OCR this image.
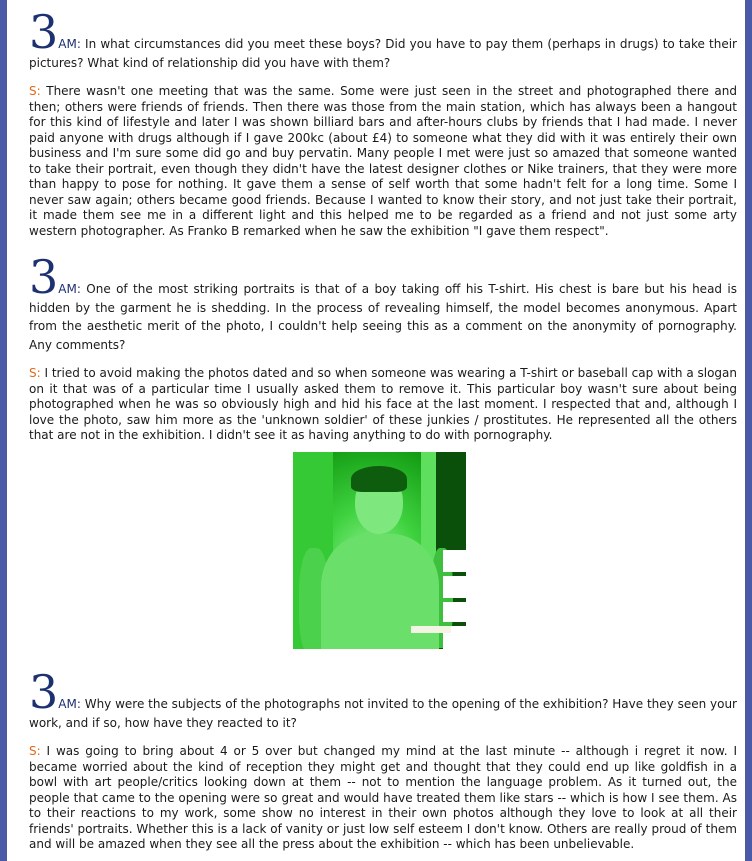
3AM: In what circumstances did you meet these boys? Did you have to pay them (perhaps in drugs) to take their pictures? What kind of relationship did you have with them?

S: There wasn't one meeting that was the same. Some were just seen in the street and photographed there and then; others were friends of friends. Then there was those from the main station, which has always been a hangout for this kind of lifestyle and later I was shown billiard bars and after-hours clubs by friends that I had made. I never paid anyone with drugs although if I gave 200kc (about £4) to someone what they did with it was entirely their own business and I'm sure some did go and buy pervatin. Many people I met were just so amazed that someone wanted to take their portrait, even though they didn't have the latest designer clothes or Nike trainers, that they were more than happy to pose for nothing. It gave them a sense of self worth that some hadn't felt for a long time. Some I never saw again; others became good friends. Because I wanted to know their story, and not just take their portrait, it made them see me in a different light and this helped me to be regarded as a friend and not just some arty western photographer. As Franko B remarked when he saw the exhibition "I gave them respect".

3AM: One of the most striking portraits is that of a boy taking off his T-shirt. His chest is bare but his head is hidden by the garment he is shedding. In the process of revealing himself, the model becomes anonymous. Apart from the aesthetic merit of the photo, I couldn't help seeing this as a comment on the anonymity of pornography. Any comments?

S: I tried to avoid making the photos dated and so when someone was wearing a T-shirt or baseball cap with a slogan on it that was of a particular time I usually asked them to remove it. This particular boy wasn't sure about being photographed when he was so obviously high and hid his face at the last moment. I respected that and, although I love the photo, saw him more as the 'unknown soldier' of these junkies / prostitutes. He represented all the others that are not in the exhibition. I didn't see it as having anything to do with pornography.

3AM: Why were the subjects of the photographs not invited to the opening of the exhibition? Have they seen your work, and if so, how have they reacted to it?

S: I was going to bring about 4 or 5 over but changed my mind at the last minute -- although i regret it now. I became worried about the kind of reception they might get and thought that they could end up like goldfish in a bowl with art people/critics looking down at them -- not to mention the language problem. As it turned out, the people that came to the opening were so great and would have treated them like stars -- which is how I see them. As to their reactions to my work, some show no interest in their own photos although they love to look at all their friends' portraits. Whether this is a lack of vanity or just low self esteem I don't know. Others are really proud of them and will be amazed when they see all the press about the exhibition -- which has been unbelievable.
